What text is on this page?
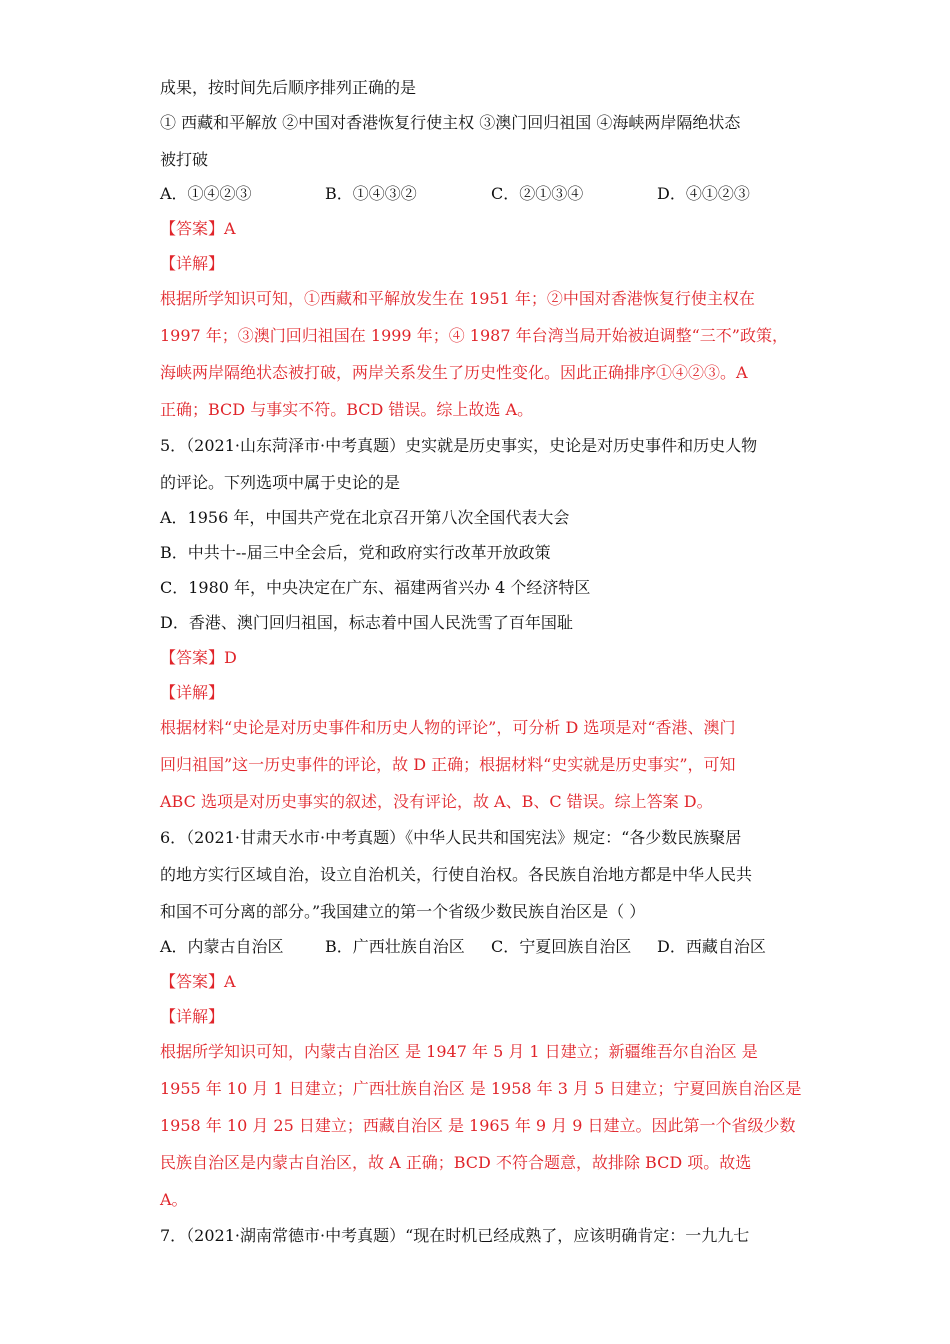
成果，按时间先后顺序排列正确的是
① 西藏和平解放 ②中国对香港恢复行使主权 ③澳门回归祖国 ④海峡两岸隔绝状态
被打破
A．①④②③	B．①④③②	C．②①③④	D．④①②③
【答案】A
【详解】
根据所学知识可知，①西藏和平解放发生在 1951 年；②中国对香港恢复行使主权在
1997 年；③澳门回归祖国在 1999 年；④ 1987 年台湾当局开始被迫调整“三不”政策，
海峡两岸隔绝状态被打破，两岸关系发生了历史性变化。因此正确排序①④②③。A
正确；BCD 与事实不符。BCD 错误。综上故选 A。
5．（2021·山东菏泽市·中考真题）史实就是历史事实，史论是对历史事件和历史人物
的评论。下列选项中属于史论的是
A．1956 年，中国共产党在北京召开第八次全国代表大会
B．中共十--届三中全会后，党和政府实行改革开放政策
C．1980 年，中央决定在广东、福建两省兴办 4 个经济特区
D．香港、澳门回归祖国，标志着中国人民洗雪了百年国耻
【答案】D
【详解】
根据材料“史论是对历史事件和历史人物的评论”，可分析 D 选项是对“香港、澳门
回归祖国”这一历史事件的评论，故 D 正确；根据材料“史实就是历史事实”，可知
ABC 选项是对历史事实的叙述，没有评论，故 A、B、C 错误。综上答案 D。
6．（2021·甘肃天水市·中考真题）《中华人民共和国宪法》规定：“各少数民族聚居
的地方实行区域自治，设立自治机关，行使自治权。各民族自治地方都是中华人民共
和国不可分离的部分。”我国建立的第一个省级少数民族自治区是（ ）
A．内蒙古自治区	B．广西壮族自治区 C．宁夏回族自治区 D．西藏自治区
【答案】A
【详解】
根据所学知识可知，内蒙古自治区 是 1947 年 5 月 1 日建立；新疆维吾尔自治区 是
1955 年 10 月 1 日建立；广西壮族自治区 是 1958 年 3 月 5 日建立；宁夏回族自治区是
1958 年 10 月 25 日建立；西藏自治区 是 1965 年 9 月 9 日建立。因此第一个省级少数
民族自治区是内蒙古自治区，故 A 正确；BCD 不符合题意，故排除 BCD 项。故选
A。
7．（2021·湖南常德市·中考真题）“现在时机已经成熟了，应该明确肯定：一九九七
